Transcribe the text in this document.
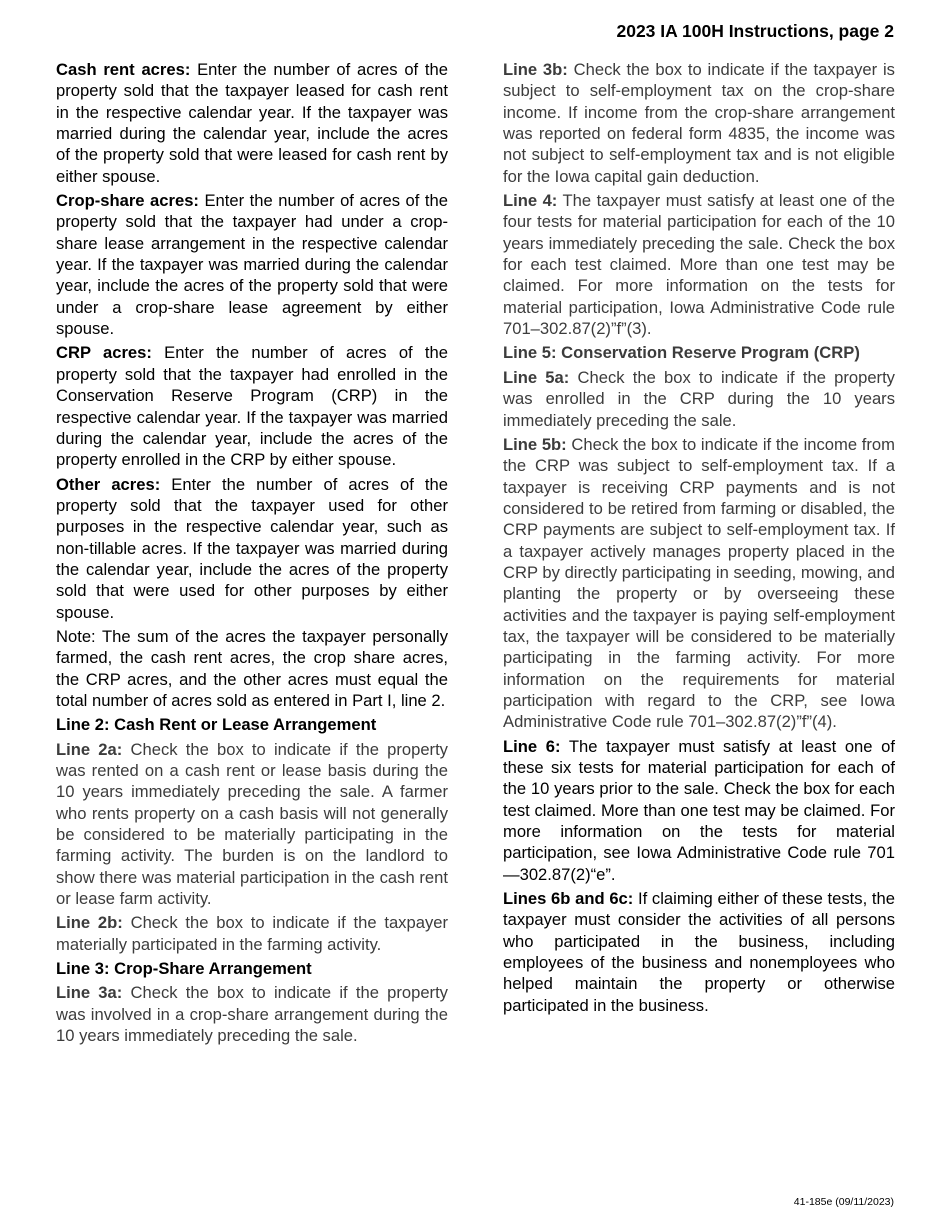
2023 IA 100H Instructions, page 2

Cash rent acres: Enter the number of acres of the property sold that the taxpayer leased for cash rent in the respective calendar year. If the taxpayer was married during the calendar year, include the acres of the property sold that were leased for cash rent by either spouse.

Crop-share acres: Enter the number of acres of the property sold that the taxpayer had under a crop-share lease arrangement in the respective calendar year. If the taxpayer was married during the calendar year, include the acres of the property sold that were under a crop-share lease agreement by either spouse.

CRP acres: Enter the number of acres of the property sold that the taxpayer had enrolled in the Conservation Reserve Program (CRP) in the respective calendar year. If the taxpayer was married during the calendar year, include the acres of the property enrolled in the CRP by either spouse.

Other acres: Enter the number of acres of the property sold that the taxpayer used for other purposes in the respective calendar year, such as non-tillable acres. If the taxpayer was married during the calendar year, include the acres of the property sold that were used for other purposes by either spouse.

Note: The sum of the acres the taxpayer personally farmed, the cash rent acres, the crop share acres, the CRP acres, and the other acres must equal the total number of acres sold as entered in Part I, line 2.

Line 2: Cash Rent or Lease Arrangement

Line 2a: Check the box to indicate if the property was rented on a cash rent or lease basis during the 10 years immediately preceding the sale. A farmer who rents property on a cash basis will not generally be considered to be materially participating in the farming activity. The burden is on the landlord to show there was material participation in the cash rent or lease farm activity.

Line 2b: Check the box to indicate if the taxpayer materially participated in the farming activity.

Line 3: Crop-Share Arrangement

Line 3a: Check the box to indicate if the property was involved in a crop-share arrangement during the 10 years immediately preceding the sale.

Line 3b: Check the box to indicate if the taxpayer is subject to self-employment tax on the crop-share income. If income from the crop-share arrangement was reported on federal form 4835, the income was not subject to self-employment tax and is not eligible for the Iowa capital gain deduction.

Line 4: The taxpayer must satisfy at least one of the four tests for material participation for each of the 10 years immediately preceding the sale. Check the box for each test claimed. More than one test may be claimed. For more information on the tests for material participation, Iowa Administrative Code rule 701–302.87(2)”f”(3).

Line 5: Conservation Reserve Program (CRP)

Line 5a: Check the box to indicate if the property was enrolled in the CRP during the 10 years immediately preceding the sale.

Line 5b: Check the box to indicate if the income from the CRP was subject to self-employment tax. If a taxpayer is receiving CRP payments and is not considered to be retired from farming or disabled, the CRP payments are subject to self-employment tax. If a taxpayer actively manages property placed in the CRP by directly participating in seeding, mowing, and planting the property or by overseeing these activities and the taxpayer is paying self-employment tax, the taxpayer will be considered to be materially participating in the farming activity. For more information on the requirements for material participation with regard to the CRP, see Iowa Administrative Code rule 701–302.87(2)”f”(4).

Line 6: The taxpayer must satisfy at least one of these six tests for material participation for each of the 10 years prior to the sale. Check the box for each test claimed. More than one test may be claimed. For more information on the tests for material participation, see Iowa Administrative Code rule 701—302.87(2)“e”.

Lines 6b and 6c: If claiming either of these tests, the taxpayer must consider the activities of all persons who participated in the business, including employees of the business and nonemployees who helped maintain the property or otherwise participated in the business.

41-185e (09/11/2023)
